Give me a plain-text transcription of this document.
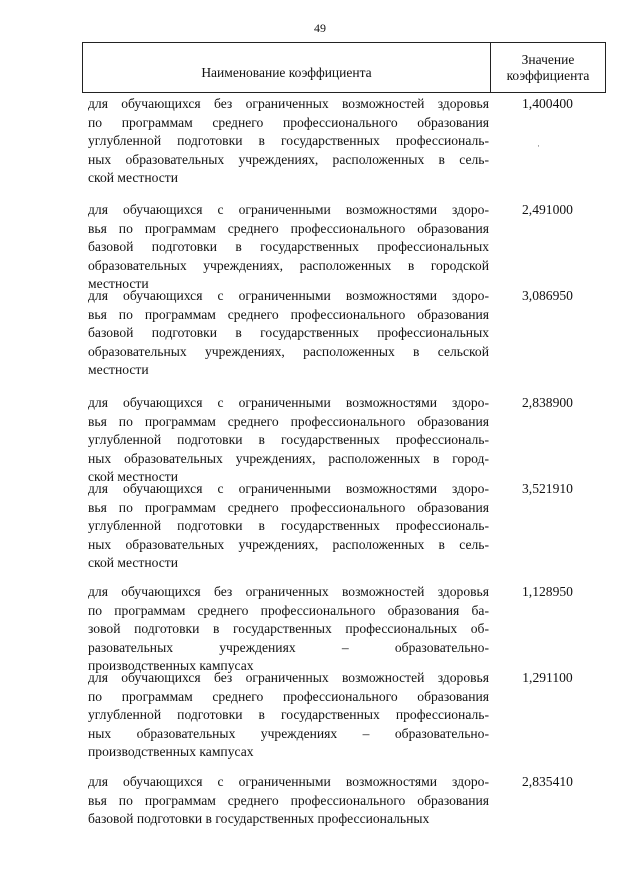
49
Наименование коэффициента
Значение
коэффициента
·
для обучающихся без ограниченных возможностей здоровья
по программам среднего профессионального образования
углубленной подготовки в государственных профессиональ-
ных образовательных учреждениях, расположенных в сель-
ской местности
1,400400
для обучающихся с ограниченными возможностями здоро-
вья по программам среднего профессионального образования
базовой подготовки в государственных профессиональных
образовательных учреждениях, расположенных в городской
местности
2,491000
для обучающихся с ограниченными возможностями здоро-
вья по программам среднего профессионального образования
базовой подготовки в государственных профессиональных
образовательных учреждениях, расположенных в сельской
местности
3,086950
для обучающихся с ограниченными возможностями здоро-
вья по программам среднего профессионального образования
углубленной подготовки в государственных профессиональ-
ных образовательных учреждениях, расположенных в город-
ской местности
2,838900
для обучающихся с ограниченными возможностями здоро-
вья по программам среднего профессионального образования
углубленной подготовки в государственных профессиональ-
ных образовательных учреждениях, расположенных в сель-
ской местности
3,521910
для обучающихся без ограниченных возможностей здоровья
по программам среднего профессионального образования ба-
зовой подготовки в государственных профессиональных об-
разовательных учреждениях – образовательно-
производственных кампусах
1,128950
для обучающихся без ограниченных возможностей здоровья
по программам среднего профессионального образования
углубленной подготовки в государственных профессиональ-
ных образовательных учреждениях – образовательно-
производственных кампусах
1,291100
для обучающихся с ограниченными возможностями здоро-
вья по программам среднего профессионального образования
базовой подготовки в государственных профессиональных
2,835410
